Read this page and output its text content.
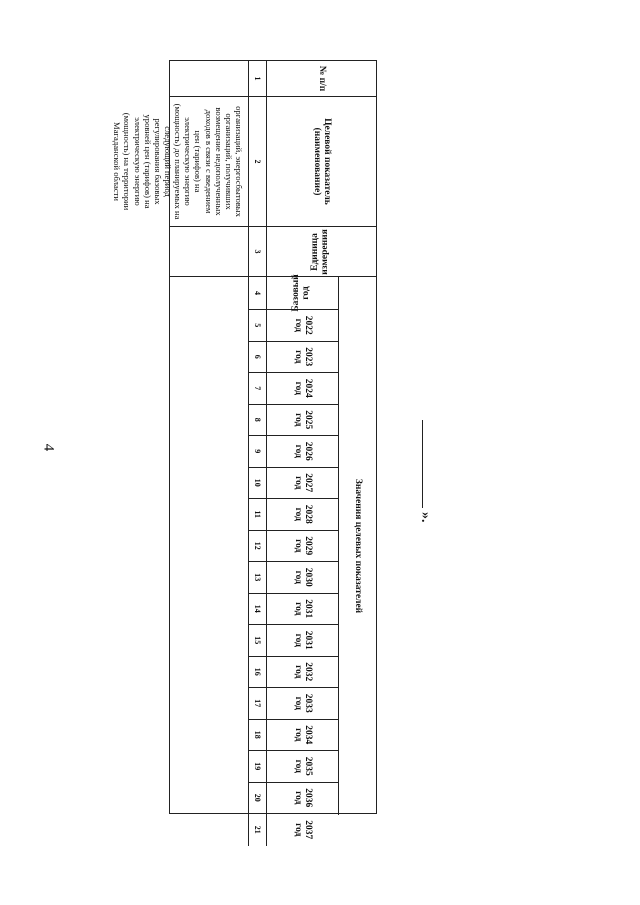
4
№ п/п
Целевой показатель (наименование)
Единица измерения
Значения целевых показателей
Базовый год
2022 год
2023 год
2024 год
2025 год
2026 год
2027 год
2028 год
2029 год
2030 год
2031 год
2031 год
2032 год
2033 год
2034 год
2035 год
2036 год
2037 год
1
2
3
4
5
6
7
8
9
10
11
12
13
14
15
16
17
18
19
20
21
организаций, энергосбытовых организаций, получивших возмещение недополученных доходов в связи с введением цен (тарифов) на электрическую энергию (мощность) до планируемых на следующий период регулирования базовых уровней цен (тарифов) на электрическую энергию (мощность) на территории Магаданской области
».
